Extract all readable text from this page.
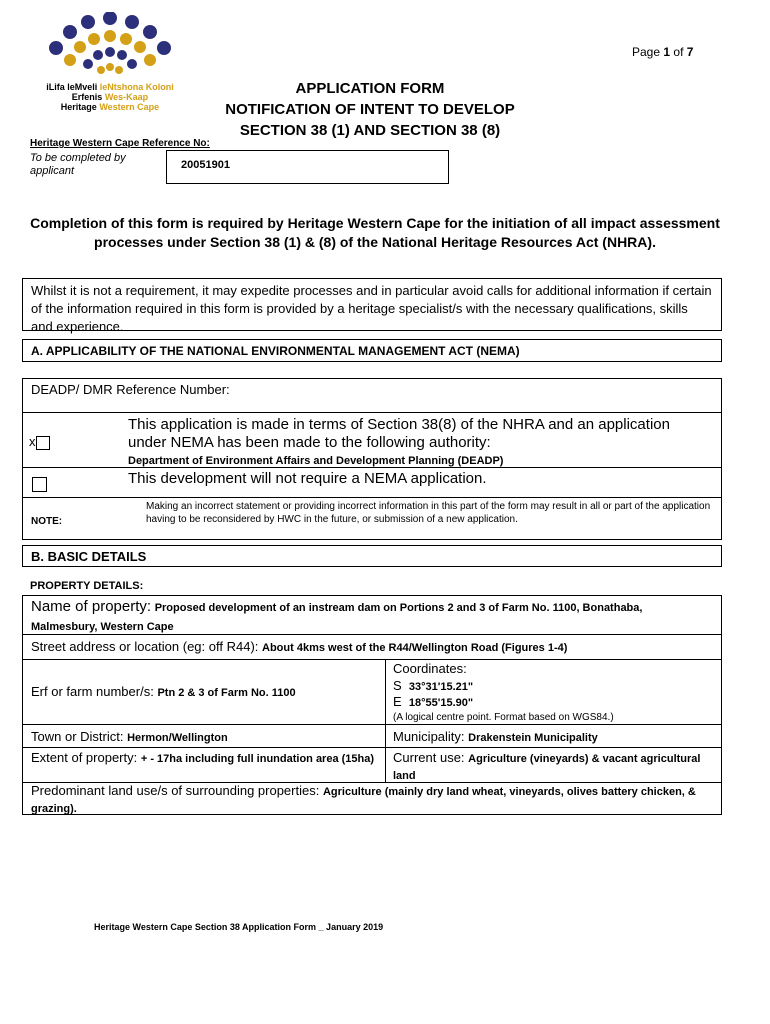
iLifa leMveli leNtshona Koloni
Erfenis Wes-Kaap
Heritage Western Cape
Page 1 of 7
APPLICATION FORM
NOTIFICATION OF INTENT TO DEVELOP
SECTION 38 (1) AND SECTION 38 (8)
Heritage Western Cape Reference No:
To be completed by applicant	20051901
Completion of this form is required by Heritage Western Cape for the initiation of all impact assessment processes under Section 38 (1) & (8) of the National Heritage Resources Act (NHRA).
Whilst it is not a requirement, it may expedite processes and in particular avoid calls for additional information if certain of the information required in this form is provided by a heritage specialist/s with the necessary qualifications, skills and experience.
A. APPLICABILITY OF THE NATIONAL ENVIRONMENTAL MANAGEMENT ACT (NEMA)
DEADP/ DMR Reference Number:
x
This application is made in terms of Section 38(8) of the NHRA and an application under NEMA has been made to the following authority:
Department of Environment Affairs and Development Planning (DEADP)
This development will not require a NEMA application.
NOTE:
Making an incorrect statement or providing incorrect information in this part of the form may result in all or part of the application having to be reconsidered by HWC in the future, or submission of a new application.
B. BASIC DETAILS
PROPERTY DETAILS:
Name of property: Proposed development of an instream dam on Portions 2 and 3 of Farm No. 1100, Bonathaba, Malmesbury, Western Cape
Street address or location (eg: off R44): About 4kms west of the R44/Wellington Road (Figures 1-4)
Erf or farm number/s: Ptn 2 & 3 of Farm No. 1100
Coordinates:
S 33°31'15.21"
E 18°55'15.90"
(A logical centre point. Format based on WGS84.)
Town or District: Hermon/Wellington	Municipality: Drakenstein Municipality
Extent of property: + - 17ha including full inundation area (15ha)	Current use: Agriculture (vineyards) & vacant agricultural land
Predominant land use/s of surrounding properties: Agriculture (mainly dry land wheat, vineyards, olives battery chicken, & grazing).
Heritage Western Cape Section 38 Application Form _ January 2019
